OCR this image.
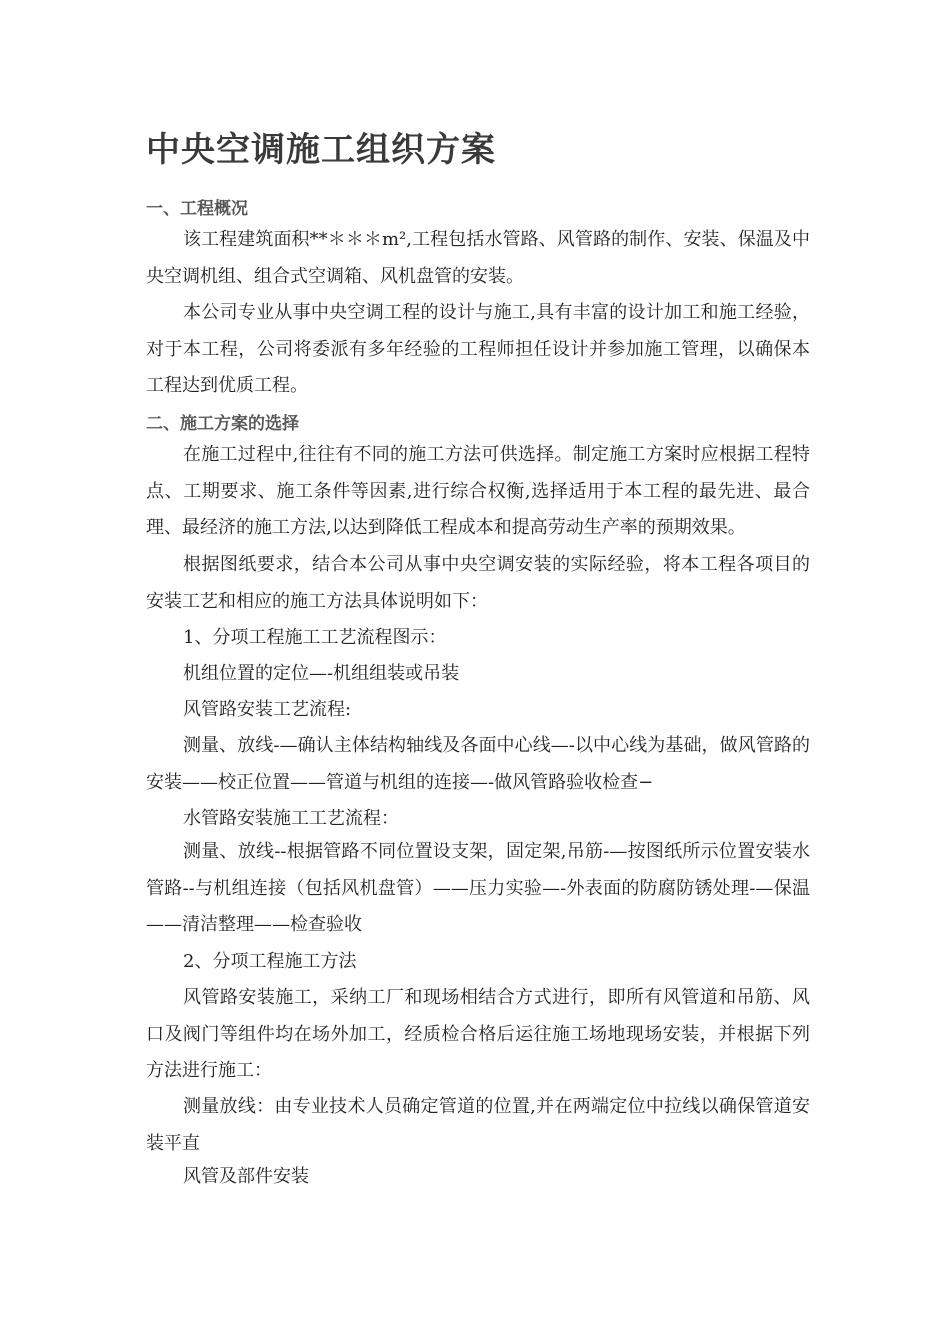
中央空调施工组织方案
一、工程概况
该工程建筑面积**＊＊＊m²,工程包括水管路、风管路的制作、安装、保温及中央空调机组、组合式空调箱、风机盘管的安装。
本公司专业从事中央空调工程的设计与施工,具有丰富的设计加工和施工经验，对于本工程，公司将委派有多年经验的工程师担任设计并参加施工管理，以确保本工程达到优质工程。
二、施工方案的选择
在施工过程中,往往有不同的施工方法可供选择。制定施工方案时应根据工程特点、工期要求、施工条件等因素,进行综合权衡,选择适用于本工程的最先进、最合理、最经济的施工方法,以达到降低工程成本和提高劳动生产率的预期效果。
根据图纸要求，结合本公司从事中央空调安装的实际经验，将本工程各项目的安装工艺和相应的施工方法具体说明如下：
1、分项工程施工工艺流程图示：
机组位置的定位—-机组组装或吊装
风管路安装工艺流程:
测量、放线-—确认主体结构轴线及各面中心线—-以中心线为基础，做风管路的安装——校正位置——管道与机组的连接—-做风管路验收检查−
水管路安装施工工艺流程：
测量、放线--根据管路不同位置设支架，固定架,吊筋-—按图纸所示位置安装水管路--与机组连接（包括风机盘管）——压力实验—-外表面的防腐防锈处理-—保温——清洁整理——检查验收
2、分项工程施工方法
风管路安装施工，采纳工厂和现场相结合方式进行，即所有风管道和吊筋、风口及阀门等组件均在场外加工，经质检合格后运往施工场地现场安装，并根据下列方法进行施工：
测量放线：由专业技术人员确定管道的位置,并在两端定位中拉线以确保管道安装平直
风管及部件安装
